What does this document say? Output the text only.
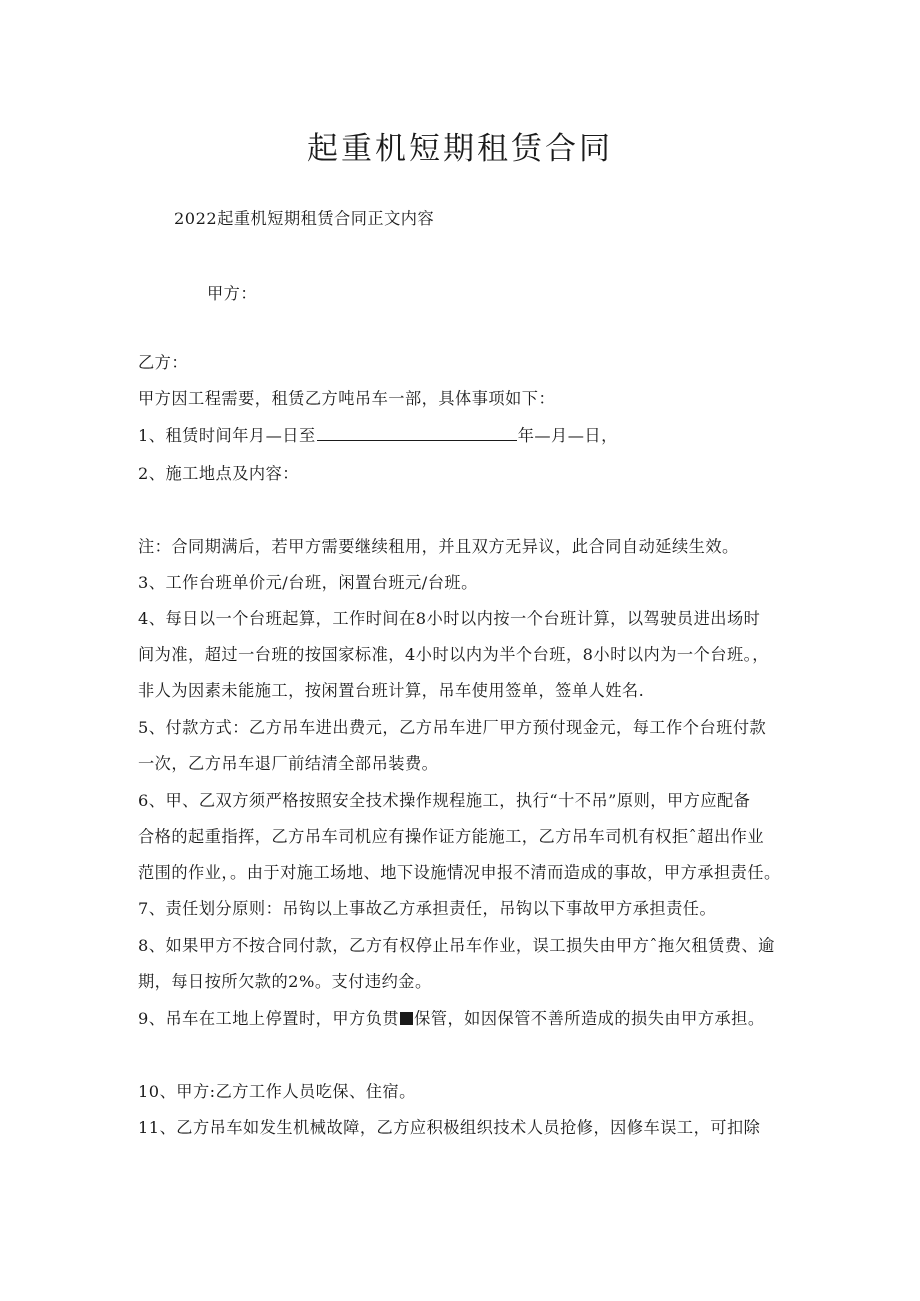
起重机短期租赁合同
2022起重机短期租赁合同正文内容
甲方：
乙方：
甲方因工程需要，租赁乙方吨吊车一部，具体事项如下：
1、租赁时间年月—日至	年—月—日，
2、施工地点及内容：
注：合同期满后，若甲方需要继续租用，并且双方无异议，此合同自动延续生效。
3、工作台班单价元/台班，闲置台班元/台班。
4、每日以一个台班起算，工作时间在8小时以内按一个台班计算，以驾驶员进出场时
间为准，超过一台班的按国家标准，4小时以内为半个台班，8小时以内为一个台班。，
非人为因素未能施工，按闲置台班计算，吊车使用签单，签单人姓名.
5、付款方式：乙方吊车进出费元，乙方吊车进厂甲方预付现金元，每工作个台班付款
一次，乙方吊车退厂前结清全部吊装费。
6、甲、乙双方须严格按照安全技术操作规程施工，执行“十不吊”原则，甲方应配备
合格的起重指挥，乙方吊车司机应有操作证方能施工，乙方吊车司机有权拒ˆ超出作业
范围的作业，。由于对施工场地、地下设施情况申报不清而造成的事故，甲方承担责任。
7、责任划分原则：吊钩以上事故乙方承担责任，吊钩以下事故甲方承担责任。
8、如果甲方不按合同付款，乙方有权停止吊车作业，误工损失由甲方ˆ拖欠租赁费、逾
期，每日按所欠款的2%。支付违约金。
9、吊车在工地上停置时，甲方负贯 保管，如因保管不善所造成的损失由甲方承担。
10、甲方:乙方工作人员吃保、住宿。
11、乙方吊车如发生机械故障，乙方应积极组织技术人员抢修，因修车误工，可扣除
